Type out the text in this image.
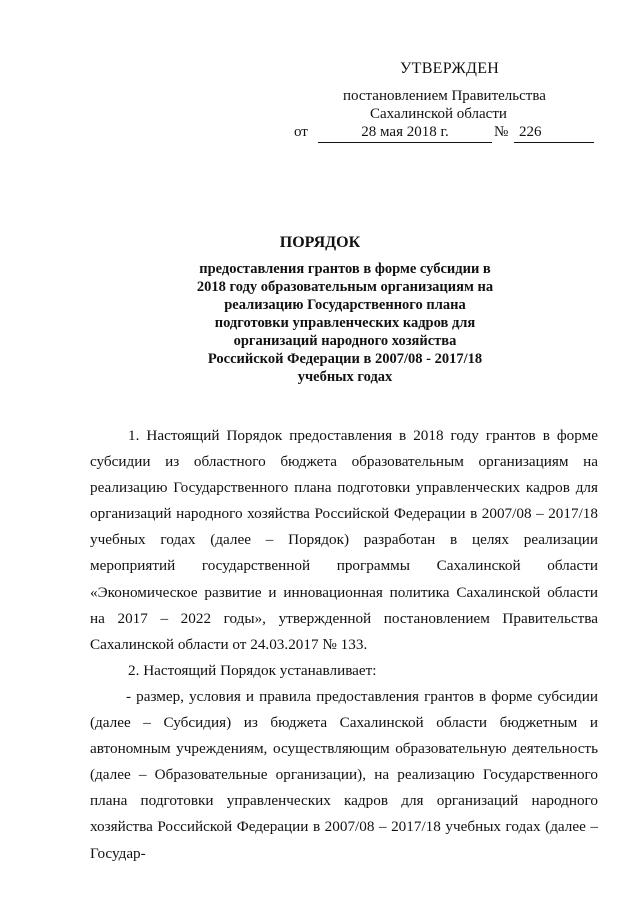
УТВЕРЖДЕН
постановлением Правительства
Сахалинской области
от	28 мая 2018 г.	№ 226
ПОРЯДОК
предоставления грантов в форме субсидии в
2018 году образовательным организациям на
реализацию Государственного плана
подготовки управленческих кадров для
организаций народного хозяйства
Российской Федерации в 2007/08 - 2017/18
учебных годах

1. Настоящий Порядок предоставления в 2018 году грантов в форме субсидии из областного бюджета образовательным организациям на реализацию Государственного плана подготовки управленческих кадров для организаций народного хозяйства Российской Федерации в 2007/08 – 2017/18 учебных годах (далее – Порядок) разработан в целях реализации мероприятий государственной программы Сахалинской области «Экономическое развитие и инновационная политика Сахалинской области на 2017 – 2022 годы», утвержденной постановлением Правительства Сахалинской области от 24.03.2017 № 133.

2. Настоящий Порядок устанавливает:

- размер, условия и правила предоставления грантов в форме субсидии (далее – Субсидия) из бюджета Сахалинской области бюджетным и автономным учреждениям, осуществляющим образовательную деятельность (далее – Образовательные организации), на реализацию Государственного плана подготовки управленческих кадров для организаций народного хозяйства Российской Федерации в 2007/08 – 2017/18 учебных годах (далее – Государ-
